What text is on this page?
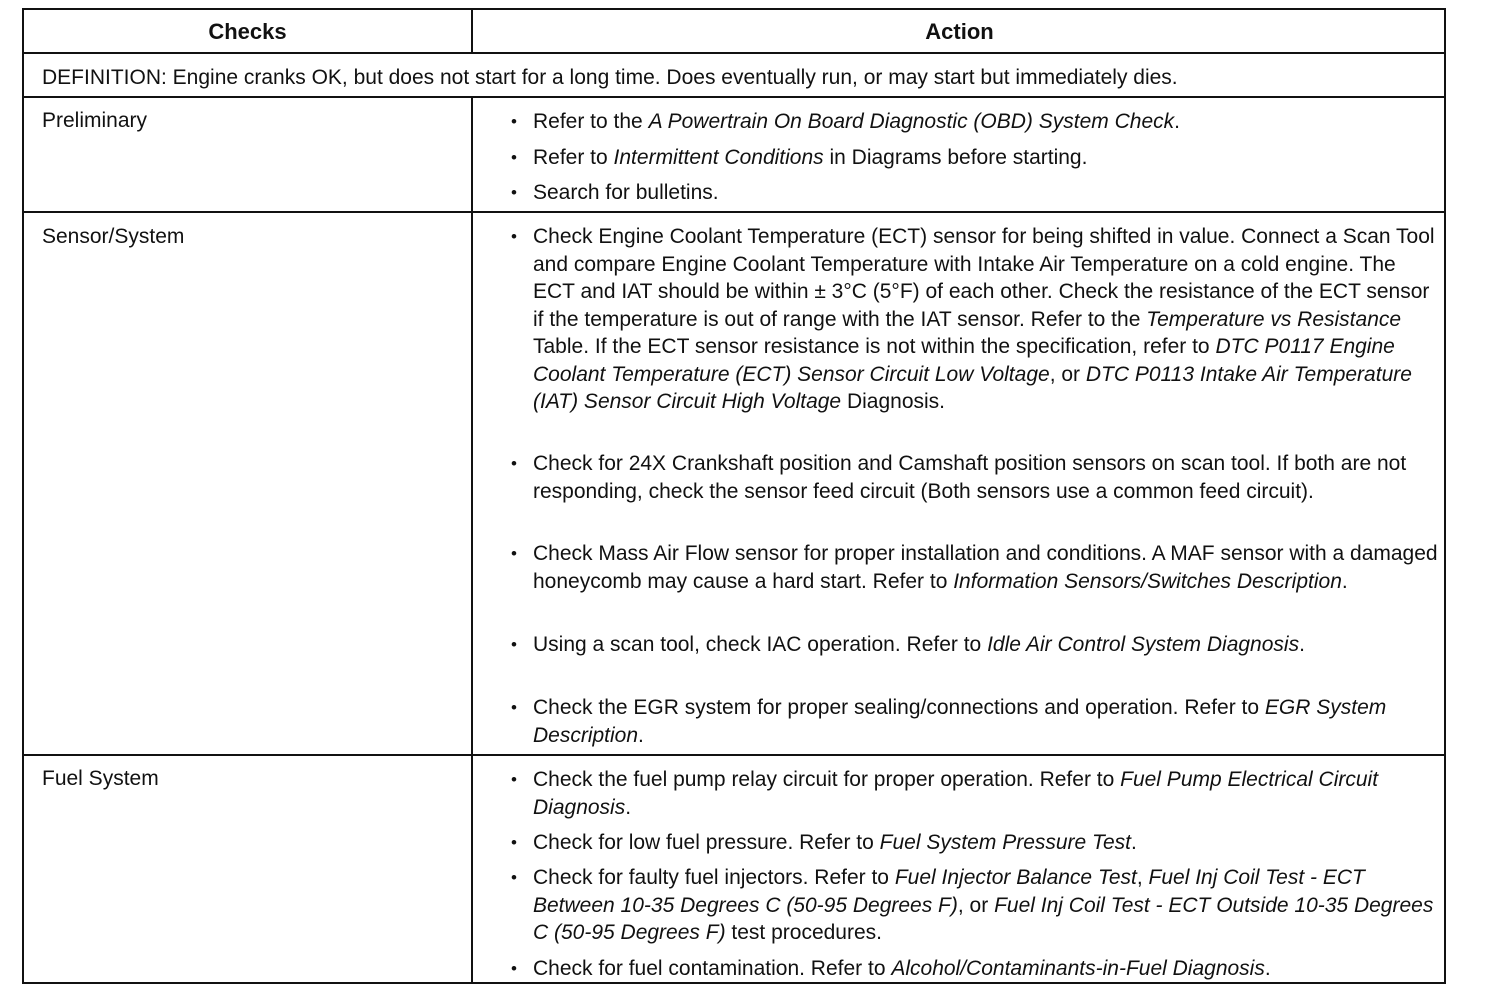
Checks	Action
DEFINITION: Engine cranks OK, but does not start for a long time. Does eventually run, or may start but immediately dies.
Preliminary
Sensor/System
Fuel System
• Refer to the A Powertrain On Board Diagnostic (OBD) System Check.
• Refer to Intermittent Conditions in Diagrams before starting.
• Search for bulletins.
• Check Engine Coolant Temperature (ECT) sensor for being shifted in value. Connect a Scan Tool and compare Engine Coolant Temperature with Intake Air Temperature on a cold engine. The ECT and IAT should be within ± 3°C (5°F) of each other. Check the resistance of the ECT sensor if the temperature is out of range with the IAT sensor. Refer to the Temperature vs Resistance Table. If the ECT sensor resistance is not within the specification, refer to DTC P0117 Engine Coolant Temperature (ECT) Sensor Circuit Low Voltage, or DTC P0113 Intake Air Temperature (IAT) Sensor Circuit High Voltage Diagnosis.
• Check for 24X Crankshaft position and Camshaft position sensors on scan tool. If both are not responding, check the sensor feed circuit (Both sensors use a common feed circuit).
• Check Mass Air Flow sensor for proper installation and conditions. A MAF sensor with a damaged honeycomb may cause a hard start. Refer to Information Sensors/Switches Description.
• Using a scan tool, check IAC operation. Refer to Idle Air Control System Diagnosis.
• Check the EGR system for proper sealing/connections and operation. Refer to EGR System Description.
• Check the fuel pump relay circuit for proper operation. Refer to Fuel Pump Electrical Circuit Diagnosis.
• Check for low fuel pressure. Refer to Fuel System Pressure Test.
• Check for faulty fuel injectors. Refer to Fuel Injector Balance Test, Fuel Inj Coil Test - ECT Between 10-35 Degrees C (50-95 Degrees F), or Fuel Inj Coil Test - ECT Outside 10-35 Degrees C (50-95 Degrees F) test procedures.
• Check for fuel contamination. Refer to Alcohol/Contaminants-in-Fuel Diagnosis.
